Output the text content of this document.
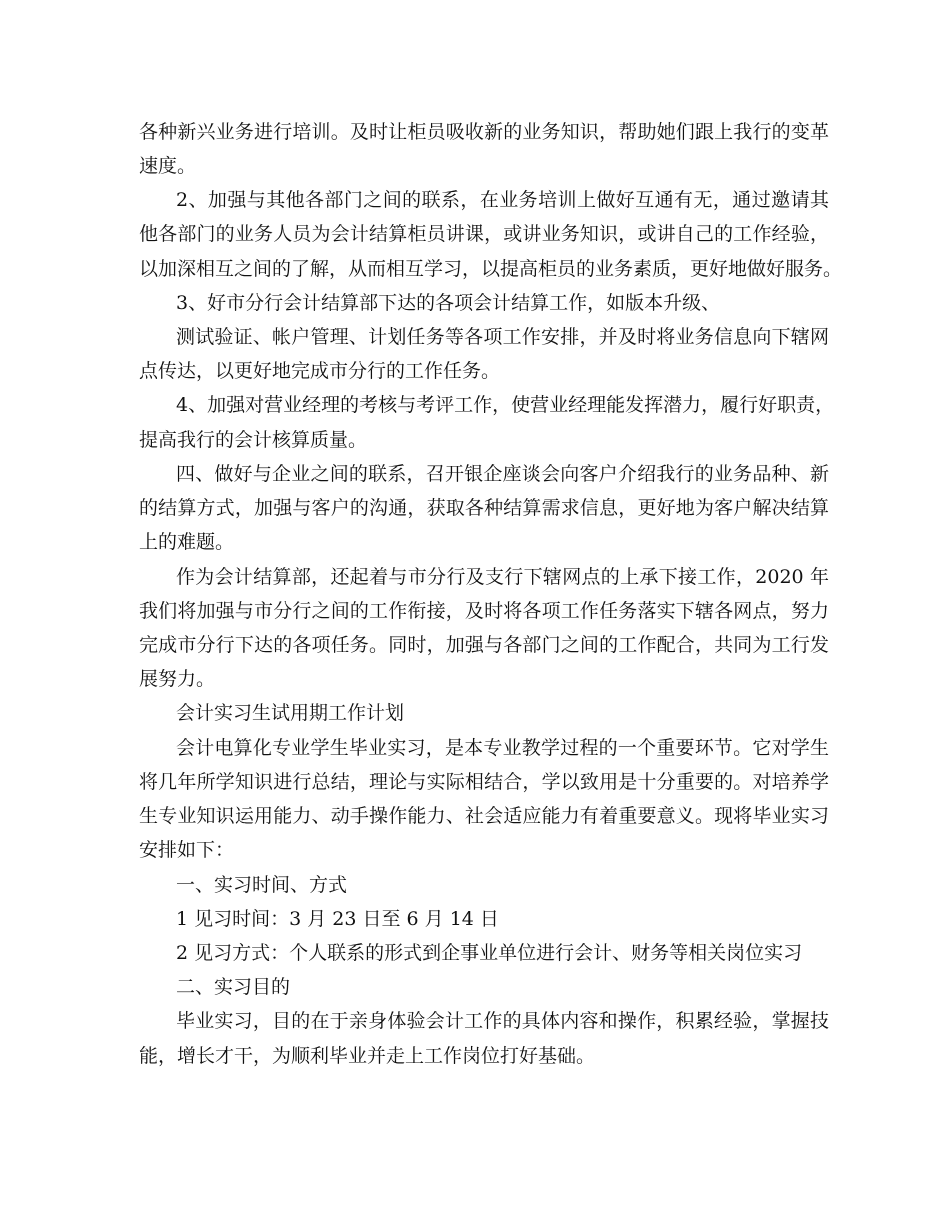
各种新兴业务进行培训。及时让柜员吸收新的业务知识，帮助她们跟上我行的变革
速度。
2、加强与其他各部门之间的联系，在业务培训上做好互通有无，通过邀请其
他各部门的业务人员为会计结算柜员讲课，或讲业务知识，或讲自己的工作经验，
以加深相互之间的了解，从而相互学习，以提高柜员的业务素质，更好地做好服务。
3、好市分行会计结算部下达的各项会计结算工作，如版本升级、
测试验证、帐户管理、计划任务等各项工作安排，并及时将业务信息向下辖网
点传达，以更好地完成市分行的工作任务。
4、加强对营业经理的考核与考评工作，使营业经理能发挥潜力，履行好职责，
提高我行的会计核算质量。
四、做好与企业之间的联系，召开银企座谈会向客户介绍我行的业务品种、新
的结算方式，加强与客户的沟通，获取各种结算需求信息，更好地为客户解决结算
上的难题。
作为会计结算部，还起着与市分行及支行下辖网点的上承下接工作，2020 年
我们将加强与市分行之间的工作衔接，及时将各项工作任务落实下辖各网点，努力
完成市分行下达的各项任务。同时，加强与各部门之间的工作配合，共同为工行发
展努力。
会计实习生试用期工作计划
会计电算化专业学生毕业实习，是本专业教学过程的一个重要环节。它对学生
将几年所学知识进行总结，理论与实际相结合，学以致用是十分重要的。对培养学
生专业知识运用能力、动手操作能力、社会适应能力有着重要意义。现将毕业实习
安排如下：
一、实习时间、方式
1 见习时间：3 月 23 日至 6 月 14 日
2 见习方式：个人联系的形式到企事业单位进行会计、财务等相关岗位实习
二、实习目的
毕业实习，目的在于亲身体验会计工作的具体内容和操作，积累经验，掌握技
能，增长才干，为顺利毕业并走上工作岗位打好基础。
